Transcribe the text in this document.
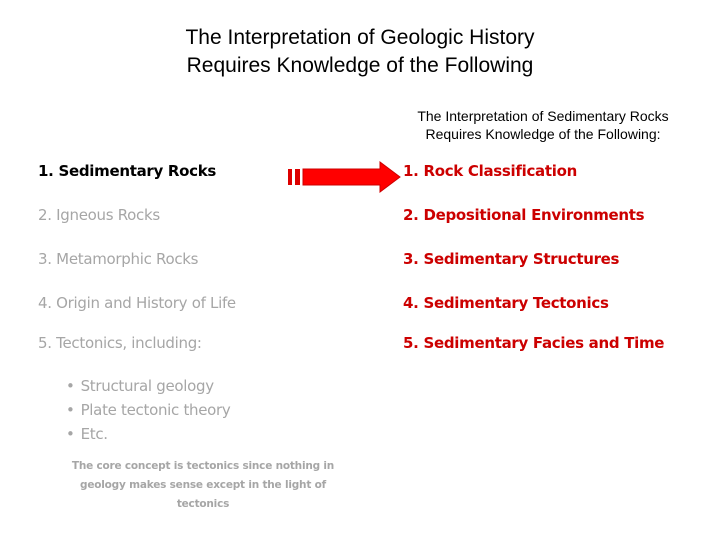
The Interpretation of Geologic History
Requires Knowledge of the Following
The Interpretation of Sedimentary Rocks
Requires Knowledge of the Following:
1. Sedimentary Rocks
2. Igneous Rocks
3. Metamorphic Rocks
4. Origin and History of Life
5. Tectonics, including:
• Structural geology
• Plate tectonic theory
• Etc.
The core concept is tectonics since nothing in geology makes sense except in the light of tectonics
1. Rock Classification
2. Depositional Environments
3. Sedimentary Structures
4. Sedimentary Tectonics
5. Sedimentary Facies and Time
